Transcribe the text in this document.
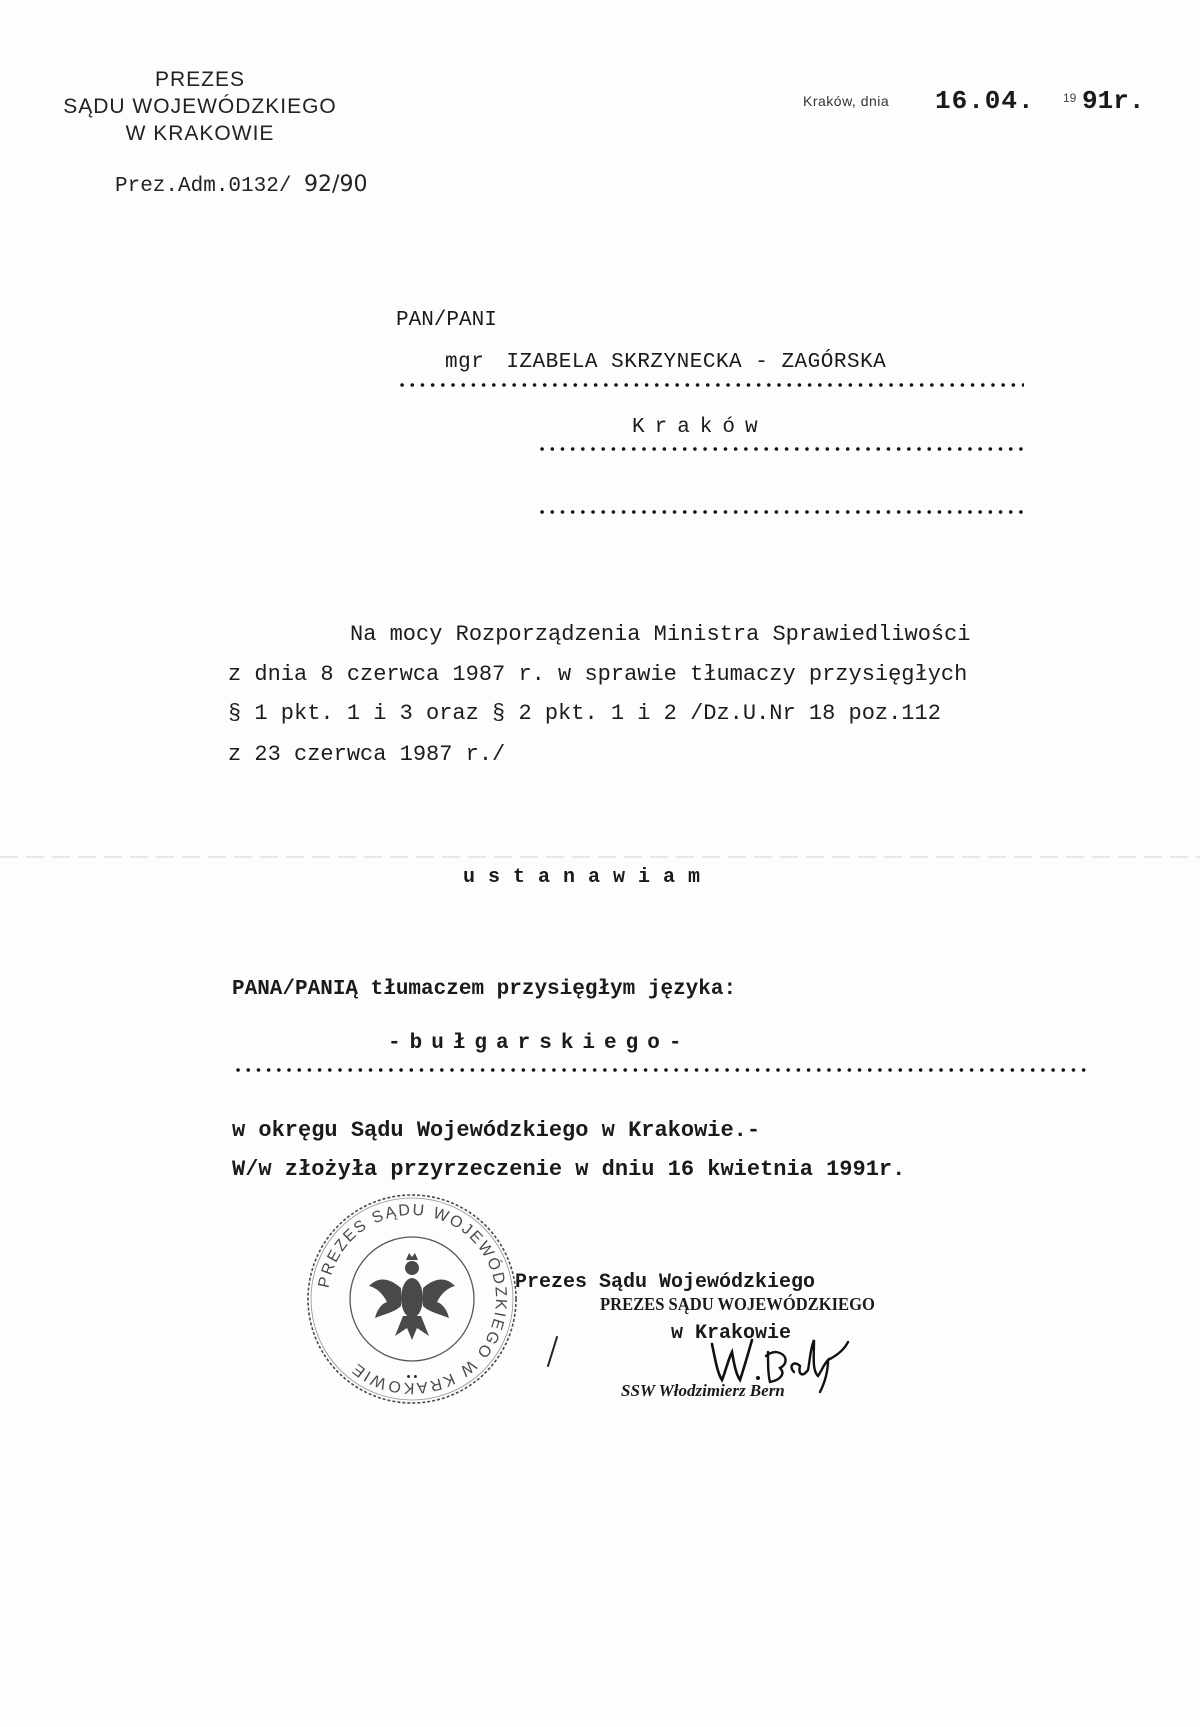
PREZES
SĄDU WOJEWÓDZKIEGO
W KRAKOWIE
Prez.Adm.0132/ 92/90
Kraków, dnia 16.04. 19 91r.
PAN/PANI
mgr IZABELA SKRZYNECKA - ZAGÓRSKA
Kraków
Na mocy Rozporządzenia Ministra Sprawiedliwości
z dnia 8 czerwca 1987 r. w sprawie tłumaczy przysięgłych
§ 1 pkt. 1 i 3 oraz § 2 pkt. 1 i 2 /Dz.U.Nr 18 poz.112
z 23 czerwca 1987 r./
ustanawiam
PANA/PANIĄ tłumaczem przysięgłym języka:
-bułgarskiego-
w okręgu Sądu Wojewódzkiego w Krakowie.-
W/w złożyła przyrzeczenie w dniu 16 kwietnia 1991r.
PREZES SĄDU WOJEWÓDZKIEGO W KRAKOWIE	• •
Prezes Sądu Wojewódzkiego
PREZES SĄDU WOJEWÓDZKIEGO
w Krakowie
SSW Włodzimierz Bern
